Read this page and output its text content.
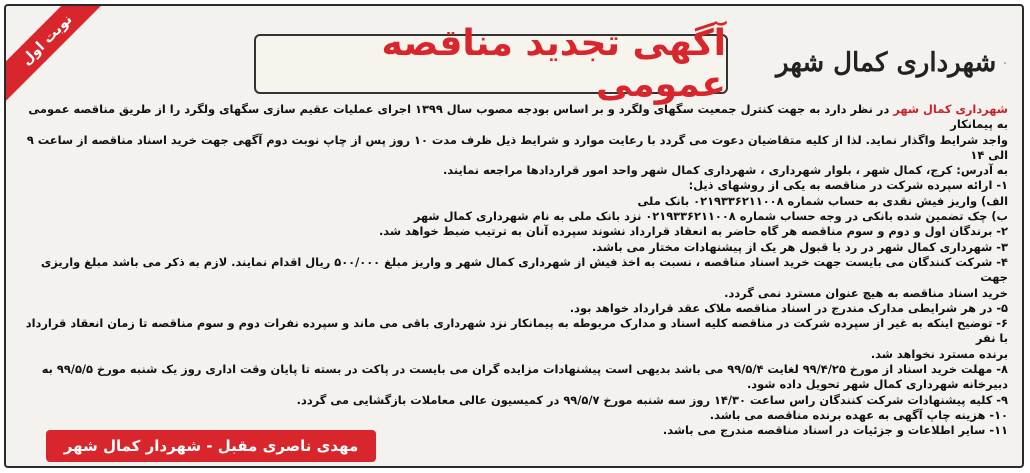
نوبت اول	آگهی تجدید مناقصه عمومی
شهرداری کمال شهر

شهرداری کمال شهر در نظر دارد به جهت کنترل جمعیت سگهای ولگرد و بر اساس بودجه مصوب سال ۱۳۹۹ اجرای عملیات عقیم سازی سگهای ولگرد را از طریق مناقصه عمومی به پیمانکار

واجد شرایط واگذار نماید. لذا از کلیه متقاضیان دعوت می گردد با رعایت موارد و شرایط ذیل ظرف مدت ۱۰ روز پس از چاپ نوبت دوم آگهی جهت خرید اسناد مناقصه از ساعت ۹ الی ۱۴

به آدرس: کرج، کمال شهر ، بلوار شهرداری ، شهرداری کمال شهر واحد امور قراردادها مراجعه نمایند.

۱- ارائه سپرده شرکت در مناقصه به یکی از روشهای ذیل:

الف) واریز فیش نقدی به حساب شماره ۰۲۱۹۳۳۶۲۱۱۰۰۸ بانک ملی

ب) چک تضمین شده بانکی در وجه حساب شماره ۰۲۱۹۳۳۶۲۱۱۰۰۸ نزد بانک ملی به نام شهرداری کمال شهر

۲- برندگان اول و دوم و سوم مناقصه هر گاه حاضر به انعقاد قرارداد نشوند سپرده آنان به ترتیب ضبط خواهد شد.

۳- شهرداری کمال شهر در رد یا قبول هر یک از پیشنهادات مختار می باشد.

۴- شرکت کنندگان می بایست جهت خرید اسناد مناقصه ، نسبت به اخذ فیش از شهرداری کمال شهر و واریز مبلغ ۵۰۰/۰۰۰ ریال اقدام نمایند. لازم به ذکر می باشد مبلغ واریزی جهت

خرید اسناد مناقصه به هیچ عنوان مسترد نمی گردد.

۵- در هر شرایطی مدارک مندرج در اسناد مناقصه ملاک عقد قرارداد خواهد بود.

۶- توضیح اینکه به غیر از سپرده شرکت در مناقصه کلیه اسناد و مدارک مربوطه به پیمانکار نزد شهرداری باقی می ماند و سپرده نفرات دوم و سوم مناقصه تا زمان انعقاد قرارداد با نفر

برنده مسترد نخواهد شد.

۸- مهلت خرید اسناد از مورخ ۹۹/۴/۲۵ لغایت ۹۹/۵/۴ می باشد بدیهی است پیشنهادات مزایده گران می بایست در پاکت در بسته تا پایان وقت اداری روز یک شنبه مورخ ۹۹/۵/۵ به

دبیرخانه شهرداری کمال شهر تحویل داده شود.

۹- کلیه پیشنهادات شرکت کنندگان راس ساعت ۱۴/۳۰ روز سه شنبه مورخ ۹۹/۵/۷ در کمیسیون عالی معاملات بازگشایی می گردد.

۱۰- هزینه چاپ آگهی به عهده برنده مناقصه می باشد.

۱۱- سایر اطلاعات و جزئیات در اسناد مناقصه مندرج می باشد.

مهدی ناصری مقبل - شهردار کمال شهر
